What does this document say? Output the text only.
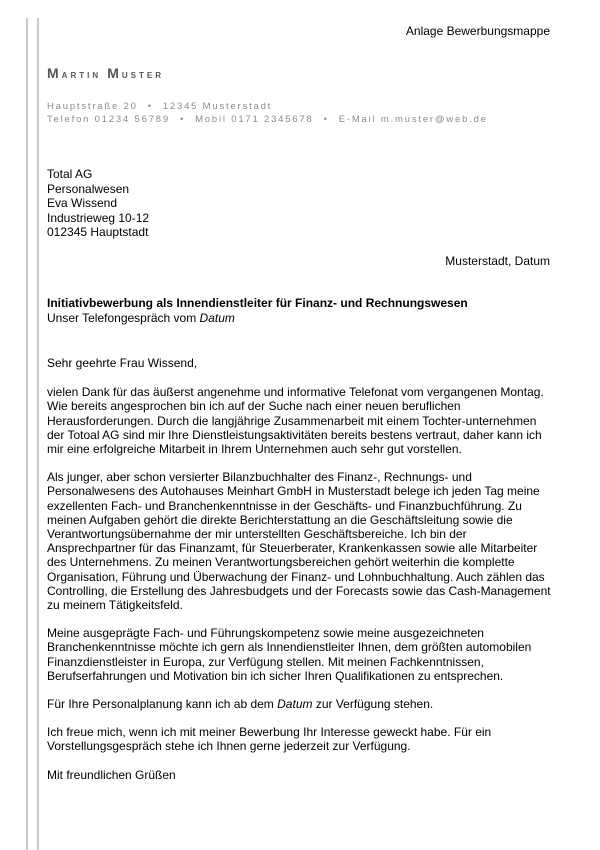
Anlage Bewerbungsmappe
Martin Muster
Hauptstraße 20 • 12345 Musterstadt
Telefon 01234 56789 • Mobil 0171 2345678 • E-Mail m.muster@web.de
Total AG
Personalwesen
Eva Wissend
Industrieweg 10-12
012345 Hauptstadt
Musterstadt, Datum
Initiativbewerbung als Innendienstleiter für Finanz- und Rechnungswesen
Unser Telefongespräch vom Datum

Sehr geehrte Frau Wissend,

vielen Dank für das äußerst angenehme und informative Telefonat vom vergangenen Montag. Wie bereits angesprochen bin ich auf der Suche nach einer neuen beruflichen Herausforderungen. Durch die langjährige Zusammenarbeit mit einem Tochter-unternehmen der Totoal AG sind mir Ihre Dienstleistungsaktivitäten bereits bestens vertraut, daher kann ich mir eine erfolgreiche Mitarbeit in Ihrem Unternehmen auch sehr gut vorstellen.

Als junger, aber schon versierter Bilanzbuchhalter des Finanz-, Rechnungs- und Personalwesens des Autohauses Meinhart GmbH in Musterstadt belege ich jeden Tag meine exzellenten Fach- und Branchenkenntnisse in der Geschäfts- und Finanzbuchführung. Zu meinen Aufgaben gehört die direkte Berichterstattung an die Geschäftsleitung sowie die Verantwortungsübernahme der mir unterstellten Geschäftsbereiche. Ich bin der Ansprechpartner für das Finanzamt, für Steuerberater, Krankenkassen sowie alle Mitarbeiter des Unternehmens. Zu meinen Verantwortungsbereichen gehört weiterhin die komplette Organisation, Führung und Überwachung der Finanz- und Lohnbuchhaltung. Auch zählen das Controlling, die Erstellung des Jahresbudgets und der Forecasts sowie das Cash-Management zu meinem Tätigkeitsfeld.

Meine ausgeprägte Fach- und Führungskompetenz sowie meine ausgezeichneten Branchenkenntnisse möchte ich gern als Innendienstleiter Ihnen, dem größten automobilen Finanzdienstleister in Europa, zur Verfügung stellen. Mit meinen Fachkenntnissen, Berufserfahrungen und Motivation bin ich sicher Ihren Qualifikationen zu entsprechen.

Für Ihre Personalplanung kann ich ab dem Datum zur Verfügung stehen.

Ich freue mich, wenn ich mit meiner Bewerbung Ihr Interesse geweckt habe. Für ein Vorstellungsgespräch stehe ich Ihnen gerne jederzeit zur Verfügung.

Mit freundlichen Grüßen
